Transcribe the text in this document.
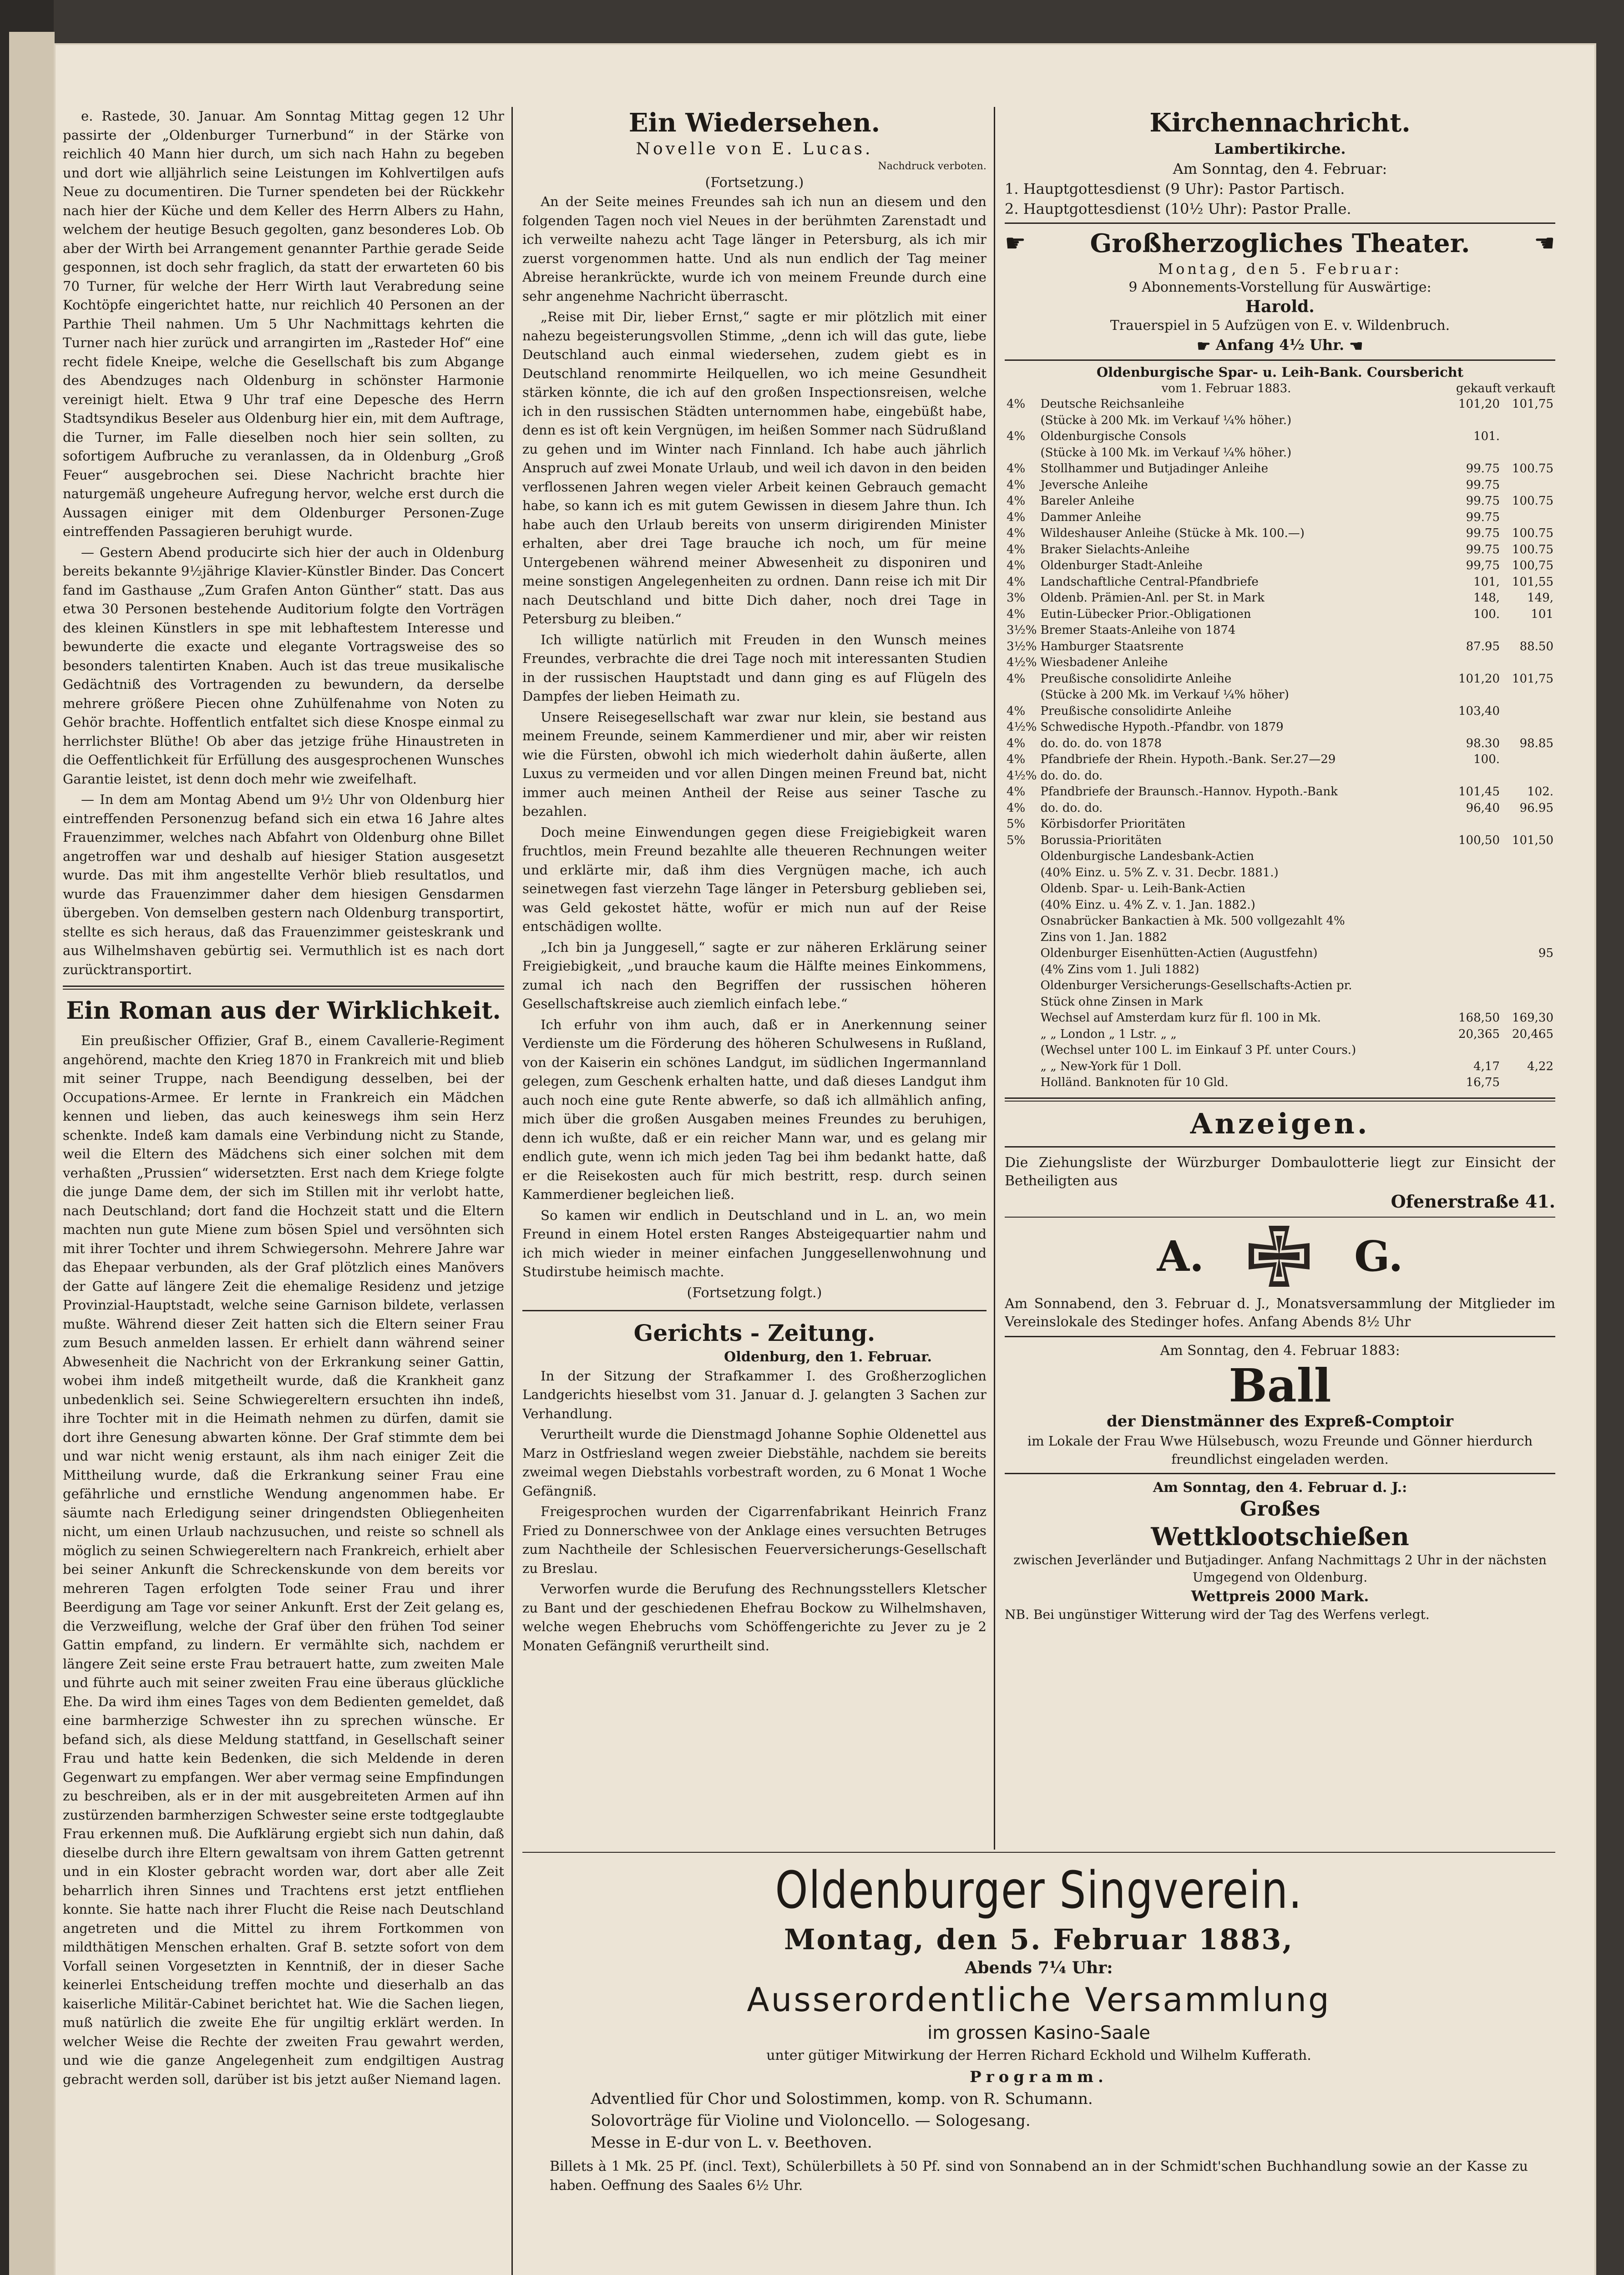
e. Rastede, 30. Januar. Am Sonntag Mittag gegen 12 Uhr passirte der „Oldenburger Turnerbund“ in der Stärke von reichlich 40 Mann hier durch, um sich nach Hahn zu begeben und dort wie alljährlich seine Leistungen im Kohlvertilgen aufs Neue zu documentiren. Die Turner spendeten bei der Rückkehr nach hier der Küche und dem Keller des Herrn Albers zu Hahn, welchem der heutige Besuch gegolten, ganz besonderes Lob. Ob aber der Wirth bei Arrangement genannter Parthie gerade Seide gesponnen, ist doch sehr fraglich, da statt der erwarteten 60 bis 70 Turner, für welche der Herr Wirth laut Verabredung seine Kochtöpfe eingerichtet hatte, nur reichlich 40 Personen an der Parthie Theil nahmen. Um 5 Uhr Nachmittags kehrten die Turner nach hier zurück und arrangirten im „Rasteder Hof“ eine recht fidele Kneipe, welche die Gesellschaft bis zum Abgange des Abendzuges nach Oldenburg in schönster Harmonie vereinigt hielt. Etwa 9 Uhr traf eine Depesche des Herrn Stadtsyndikus Beseler aus Oldenburg hier ein, mit dem Auftrage, die Turner, im Falle dieselben noch hier sein sollten, zu sofortigem Aufbruche zu veranlassen, da in Oldenburg „Groß Feuer“ ausgebrochen sei. Diese Nachricht brachte hier naturgemäß ungeheure Aufregung hervor, welche erst durch die Aussagen einiger mit dem Oldenburger Personen-Zuge eintreffenden Passagieren beruhigt wurde.

— Gestern Abend producirte sich hier der auch in Oldenburg bereits bekannte 9½jährige Klavier-Künstler Binder. Das Concert fand im Gasthause „Zum Grafen Anton Günther“ statt. Das aus etwa 30 Personen bestehende Auditorium folgte den Vorträgen des kleinen Künstlers in spe mit lebhaftestem Interesse und bewunderte die exacte und elegante Vortragsweise des so besonders talentirten Knaben. Auch ist das treue musikalische Gedächtniß des Vortragenden zu bewundern, da derselbe mehrere größere Piecen ohne Zuhülfenahme von Noten zu Gehör brachte. Hoffentlich entfaltet sich diese Knospe einmal zu herrlichster Blüthe! Ob aber das jetzige frühe Hinaustreten in die Oeffentlichkeit für Erfüllung des ausgesprochenen Wunsches Garantie leistet, ist denn doch mehr wie zweifelhaft.

— In dem am Montag Abend um 9½ Uhr von Oldenburg hier eintreffenden Personenzug befand sich ein etwa 16 Jahre altes Frauenzimmer, welches nach Abfahrt von Oldenburg ohne Billet angetroffen war und deshalb auf hiesiger Station ausgesetzt wurde. Das mit ihm angestellte Verhör blieb resultatlos, und wurde das Frauenzimmer daher dem hiesigen Gensdarmen übergeben. Von demselben gestern nach Oldenburg transportirt, stellte es sich heraus, daß das Frauenzimmer geisteskrank und aus Wilhelmshaven gebürtig sei. Vermuthlich ist es nach dort zurücktransportirt.

Ein Roman aus der Wirklichkeit.

Ein preußischer Offizier, Graf B., einem Cavallerie-Regiment angehörend, machte den Krieg 1870 in Frankreich mit und blieb mit seiner Truppe, nach Beendigung desselben, bei der Occupations-Armee. Er lernte in Frankreich ein Mädchen kennen und lieben, das auch keineswegs ihm sein Herz schenkte. Indeß kam damals eine Verbindung nicht zu Stande, weil die Eltern des Mädchens sich einer solchen mit dem verhaßten „Prussien“ widersetzten. Erst nach dem Kriege folgte die junge Dame dem, der sich im Stillen mit ihr verlobt hatte, nach Deutschland; dort fand die Hochzeit statt und die Eltern machten nun gute Miene zum bösen Spiel und versöhnten sich mit ihrer Tochter und ihrem Schwiegersohn. Mehrere Jahre war das Ehepaar verbunden, als der Graf plötzlich eines Manövers der Gatte auf längere Zeit die ehemalige Residenz und jetzige Provinzial-Hauptstadt, welche seine Garnison bildete, verlassen mußte. Während dieser Zeit hatten sich die Eltern seiner Frau zum Besuch anmelden lassen. Er erhielt dann während seiner Abwesenheit die Nachricht von der Erkrankung seiner Gattin, wobei ihm indeß mitgetheilt wurde, daß die Krankheit ganz unbedenklich sei. Seine Schwiegereltern ersuchten ihn indeß, ihre Tochter mit in die Heimath nehmen zu dürfen, damit sie dort ihre Genesung abwarten könne. Der Graf stimmte dem bei und war nicht wenig erstaunt, als ihm nach einiger Zeit die Mittheilung wurde, daß die Erkrankung seiner Frau eine gefährliche und ernstliche Wendung angenommen habe. Er säumte nach Erledigung seiner dringendsten Obliegenheiten nicht, um einen Urlaub nachzusuchen, und reiste so schnell als möglich zu seinen Schwiegereltern nach Frankreich, erhielt aber bei seiner Ankunft die Schreckenskunde von dem bereits vor mehreren Tagen erfolgten Tode seiner Frau und ihrer Beerdigung am Tage vor seiner Ankunft. Erst der Zeit gelang es, die Verzweiflung, welche der Graf über den frühen Tod seiner Gattin empfand, zu lindern. Er vermählte sich, nachdem er längere Zeit seine erste Frau betrauert hatte, zum zweiten Male und führte auch mit seiner zweiten Frau eine überaus glückliche Ehe. Da wird ihm eines Tages von dem Bedienten gemeldet, daß eine barmherzige Schwester ihn zu sprechen wünsche. Er befand sich, als diese Meldung stattfand, in Gesellschaft seiner Frau und hatte kein Bedenken, die sich Meldende in deren Gegenwart zu empfangen. Wer aber vermag seine Empfindungen zu beschreiben, als er in der mit ausgebreiteten Armen auf ihn zustürzenden barmherzigen Schwester seine erste todtgeglaubte Frau erkennen muß. Die Aufklärung ergiebt sich nun dahin, daß dieselbe durch ihre Eltern gewaltsam von ihrem Gatten getrennt und in ein Kloster gebracht worden war, dort aber alle Zeit beharrlich ihren Sinnes und Trachtens erst jetzt entfliehen konnte. Sie hatte nach ihrer Flucht die Reise nach Deutschland angetreten und die Mittel zu ihrem Fortkommen von mildthätigen Menschen erhalten. Graf B. setzte sofort von dem Vorfall seinen Vorgesetzten in Kenntniß, der in dieser Sache keinerlei Entscheidung treffen mochte und dieserhalb an das kaiserliche Militär-Cabinet berichtet hat. Wie die Sachen liegen, muß natürlich die zweite Ehe für ungiltig erklärt werden. In welcher Weise die Rechte der zweiten Frau gewahrt werden, und wie die ganze Angelegenheit zum endgiltigen Austrag gebracht werden soll, darüber ist bis jetzt außer Niemand lagen.

Ein Wiedersehen.
Novelle von E. Lucas.
Nachdruck verboten.
(Fortsetzung.)

An der Seite meines Freundes sah ich nun an diesem und den folgenden Tagen noch viel Neues in der berühmten Zarenstadt und ich verweilte nahezu acht Tage länger in Petersburg, als ich mir zuerst vorgenommen hatte. Und als nun endlich der Tag meiner Abreise herankrückte, wurde ich von meinem Freunde durch eine sehr angenehme Nachricht überrascht.

„Reise mit Dir, lieber Ernst,“ sagte er mir plötzlich mit einer nahezu begeisterungsvollen Stimme, „denn ich will das gute, liebe Deutschland auch einmal wiedersehen, zudem giebt es in Deutschland renommirte Heilquellen, wo ich meine Gesundheit stärken könnte, die ich auf den großen Inspectionsreisen, welche ich in den russischen Städten unternommen habe, eingebüßt habe, denn es ist oft kein Vergnügen, im heißen Sommer nach Südrußland zu gehen und im Winter nach Finnland. Ich habe auch jährlich Anspruch auf zwei Monate Urlaub, und weil ich davon in den beiden verflossenen Jahren wegen vieler Arbeit keinen Gebrauch gemacht habe, so kann ich es mit gutem Gewissen in diesem Jahre thun. Ich habe auch den Urlaub bereits von unserm dirigirenden Minister erhalten, aber drei Tage brauche ich noch, um für meine Untergebenen während meiner Abwesenheit zu disponiren und meine sonstigen Angelegenheiten zu ordnen. Dann reise ich mit Dir nach Deutschland und bitte Dich daher, noch drei Tage in Petersburg zu bleiben.“

Ich willigte natürlich mit Freuden in den Wunsch meines Freundes, verbrachte die drei Tage noch mit interessanten Studien in der russischen Hauptstadt und dann ging es auf Flügeln des Dampfes der lieben Heimath zu.

Unsere Reisegesellschaft war zwar nur klein, sie bestand aus meinem Freunde, seinem Kammerdiener und mir, aber wir reisten wie die Fürsten, obwohl ich mich wiederholt dahin äußerte, allen Luxus zu vermeiden und vor allen Dingen meinen Freund bat, nicht immer auch meinen Antheil der Reise aus seiner Tasche zu bezahlen.

Doch meine Einwendungen gegen diese Freigiebigkeit waren fruchtlos, mein Freund bezahlte alle theueren Rechnungen weiter und erklärte mir, daß ihm dies Vergnügen mache, ich auch seinetwegen fast vierzehn Tage länger in Petersburg geblieben sei, was Geld gekostet hätte, wofür er mich nun auf der Reise entschädigen wollte.

„Ich bin ja Junggesell,“ sagte er zur näheren Erklärung seiner Freigiebigkeit, „und brauche kaum die Hälfte meines Einkommens, zumal ich nach den Begriffen der russischen höheren Gesellschaftskreise auch ziemlich einfach lebe.“

Ich erfuhr von ihm auch, daß er in Anerkennung seiner Verdienste um die Förderung des höheren Schulwesens in Rußland, von der Kaiserin ein schönes Landgut, im südlichen Ingermannland gelegen, zum Geschenk erhalten hatte, und daß dieses Landgut ihm auch noch eine gute Rente abwerfe, so daß ich allmählich anfing, mich über die großen Ausgaben meines Freundes zu beruhigen, denn ich wußte, daß er ein reicher Mann war, und es gelang mir endlich gute, wenn ich mich jeden Tag bei ihm bedankt hatte, daß er die Reisekosten auch für mich bestritt, resp. durch seinen Kammerdiener begleichen ließ.

So kamen wir endlich in Deutschland und in L. an, wo mein Freund in einem Hotel ersten Ranges Absteigequartier nahm und ich mich wieder in meiner einfachen Junggesellenwohnung und Studirstube heimisch machte.

(Fortsetzung folgt.)
Gerichts - Zeitung.
Oldenburg, den 1. Februar.

In der Sitzung der Strafkammer I. des Großherzoglichen Landgerichts hieselbst vom 31. Januar d. J. gelangten 3 Sachen zur Verhandlung.

Verurtheilt wurde die Dienstmagd Johanne Sophie Oldenettel aus Marz in Ostfriesland wegen zweier Diebstähle, nachdem sie bereits zweimal wegen Diebstahls vorbestraft worden, zu 6 Monat 1 Woche Gefängniß.

Freigesprochen wurden der Cigarrenfabrikant Heinrich Franz Fried zu Donnerschwee von der Anklage eines versuchten Betruges zum Nachtheile der Schlesischen Feuerversicherungs-Gesellschaft zu Breslau.

Verworfen wurde die Berufung des Rechnungsstellers Kletscher zu Bant und der geschiedenen Ehefrau Bockow zu Wilhelmshaven, welche wegen Ehebruchs vom Schöffengerichte zu Jever zu je 2 Monaten Gefängniß verurtheilt sind.

Kirchennachricht.
Lambertikirche.
Am Sonntag, den 4. Februar:
1. Hauptgottesdienst (9 Uhr): Pastor Partisch.
2. Hauptgottesdienst (10½ Uhr): Pastor Pralle.
☛	Großherzogliches Theater.	☛
Montag, den 5. Februar:
9 Abonnements-Vorstellung für Auswärtige:
Harold.
Trauerspiel in 5 Aufzügen von E. v. Wildenbruch.
☛ Anfang 4½ Uhr. ☛
Oldenburgische Spar- u. Leih-Bank. Coursbericht
vom 1. Februar 1883.	gekauft verkauft
4%	Deutsche Reichsanleihe	101,20	101,75
	(Stücke à 200 Mk. im Verkauf ¼% höher.)		
4%	Oldenburgische Consols	101.	
	(Stücke à 100 Mk. im Verkauf ¼% höher.)		
4%	Stollhammer und Butjadinger Anleihe	99.75	100.75
4%	Jeversche Anleihe	99.75	
4%	Bareler Anleihe	99.75	100.75
4%	Dammer Anleihe	99.75	
4%	Wildeshauser Anleihe (Stücke à Mk. 100.—)	99.75	100.75
4%	Braker Sielachts-Anleihe	99.75	100.75
4%	Oldenburger Stadt-Anleihe	99,75	100,75
4%	Landschaftliche Central-Pfandbriefe	101,	101,55
3%	Oldenb. Prämien-Anl. per St. in Mark	148,	149,
4%	Eutin-Lübecker Prior.-Obligationen	100.	101
3½%	Bremer Staats-Anleihe von 1874		
3½%	Hamburger Staatsrente	87.95	88.50
4½%	Wiesbadener Anleihe		
4%	Preußische consolidirte Anleihe	101,20	101,75
	(Stücke à 200 Mk. im Verkauf ¼% höher)		
4%	Preußische consolidirte Anleihe	103,40	
4½%	Schwedische Hypoth.-Pfandbr. von 1879		
4%	do. do. do. von 1878	98.30	98.85
4%	Pfandbriefe der Rhein. Hypoth.-Bank. Ser.27—29	100.	
4½%	do. do. do.		
4%	Pfandbriefe der Braunsch.-Hannov. Hypoth.-Bank	101,45	102.
4%	do. do. do.	96,40	96.95
5%	Körbisdorfer Prioritäten		
5%	Borussia-Prioritäten	100,50	101,50
	Oldenburgische Landesbank-Actien		
	(40% Einz. u. 5% Z. v. 31. Decbr. 1881.)		
	Oldenb. Spar- u. Leih-Bank-Actien		
	(40% Einz. u. 4% Z. v. 1. Jan. 1882.)		
	Osnabrücker Bankactien à Mk. 500 vollgezahlt 4%		
	Zins von 1. Jan. 1882		
	Oldenburger Eisenhütten-Actien (Augustfehn)		95
	(4% Zins vom 1. Juli 1882)		
	Oldenburger Versicherungs-Gesellschafts-Actien pr.		
	Stück ohne Zinsen in Mark		
	Wechsel auf Amsterdam kurz für fl. 100 in Mk.	168,50	169,30
	„ „ London „ 1 Lstr. „ „	20,365	20,465
	(Wechsel unter 100 L. im Einkauf 3 Pf. unter Cours.)		
	„ „ New-York für 1 Doll.	4,17	4,22
	Holländ. Banknoten für 10 Gld.	16,75	
Anzeigen.
Die Ziehungsliste der Würzburger Dombaulotterie liegt zur Einsicht der Betheiligten aus
Ofenerstraße 41.
A.	G.
Am Sonnabend, den 3. Februar d. J., Monatsversammlung der Mitglieder im Vereinslokale des Stedinger hofes. Anfang Abends 8½ Uhr
Am Sonntag, den 4. Februar 1883:
Ball
der Dienstmänner des Expreß-Comptoir
im Lokale der Frau Wwe Hülsebusch, wozu Freunde und Gönner hierdurch freundlichst eingeladen werden.
Am Sonntag, den 4. Februar d. J.:
Großes
Wettklootschießen
zwischen Jeverländer und Butjadinger. Anfang Nachmittags 2 Uhr in der nächsten Umgegend von Oldenburg.
Wettpreis 2000 Mark.
NB. Bei ungünstiger Witterung wird der Tag des Werfens verlegt.
Oldenburger Singverein.
Montag, den 5. Februar 1883,
Abends 7¼ Uhr:
Ausserordentliche Versammlung
im grossen Kasino-Saale
unter gütiger Mitwirkung der Herren Richard Eckhold und Wilhelm Kufferath.
Programm.
Adventlied für Chor und Solostimmen, komp. von R. Schumann.
Solovorträge für Violine und Violoncello. — Sologesang.
Messe in E-dur von L. v. Beethoven.
Billets à 1 Mk. 25 Pf. (incl. Text), Schülerbillets à 50 Pf. sind von Sonnabend an in der Schmidt'schen Buchhandlung sowie an der Kasse zu haben. Oeffnung des Saales 6½ Uhr.
